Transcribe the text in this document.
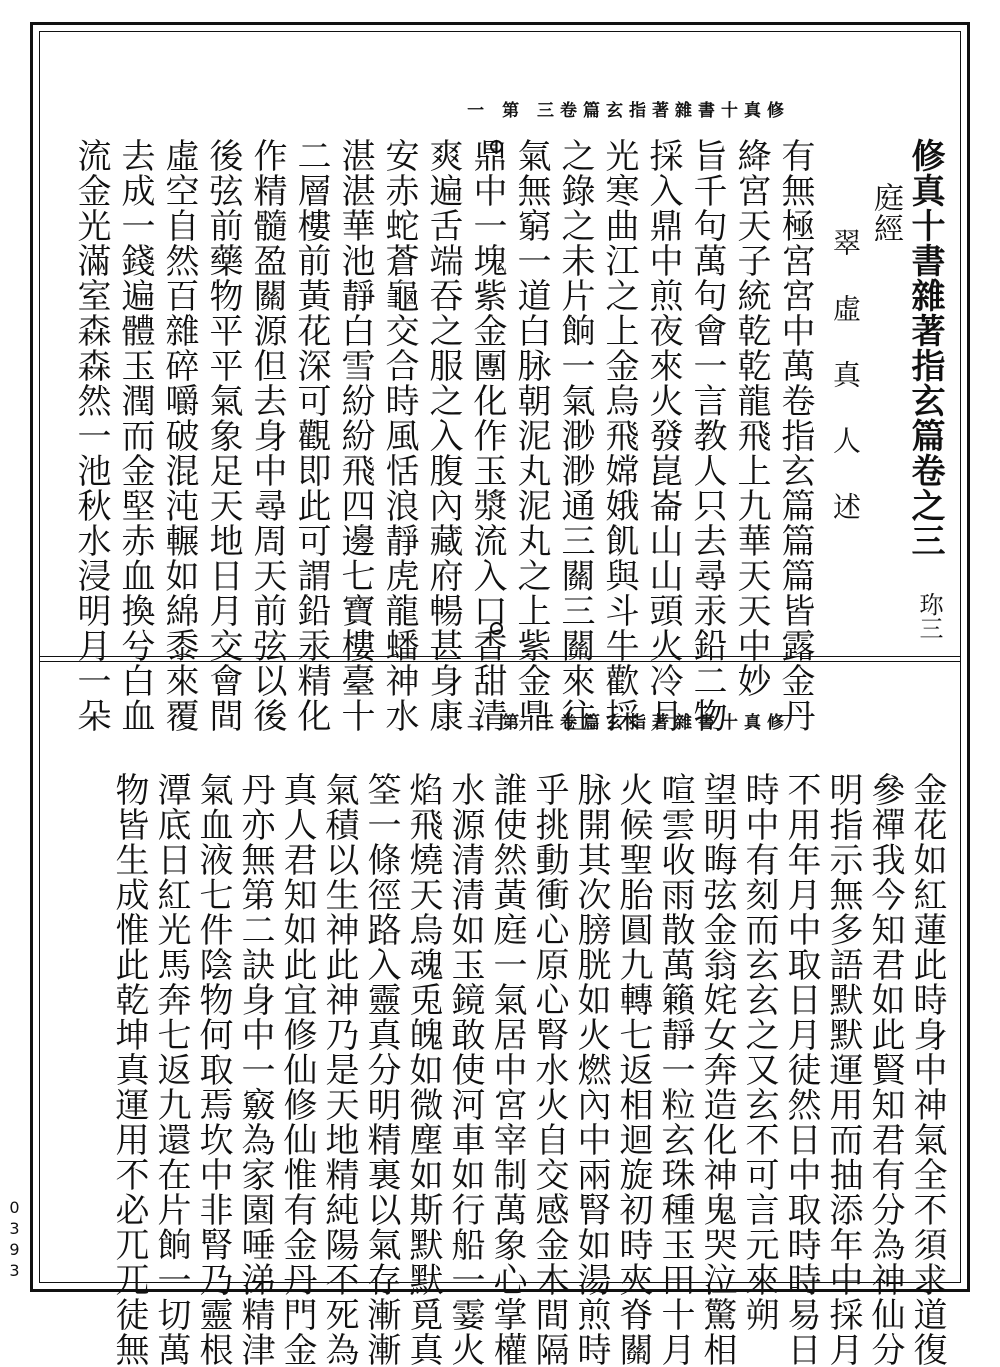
0393
修真十書雜著指玄篇卷三 第 一
修真十書雜著指玄篇卷之三
珎三
庭經
翠虛真人述
有無極宮宮中萬卷指玄篇篇篇皆露金丹
絳宮天子統乾乾龍飛上九華天天中妙
旨千句萬句會一言教人只去尋汞鉛二物
採入鼎中煎夜來火發崑崙山山頭火冷月
光寒曲江之上金烏飛嫦娥飢與斗牛歡採
之錄之未片餉一氣渺渺通三關三關來往
氣無窮一道白脉朝泥丸泥丸之上紫金鼎
鼎中一塊紫金團化作玉漿流入口香甜清
爽遍舌端吞之服之入腹內藏府暢甚身康
安赤蛇蒼龜交合時風恬浪靜虎龍蟠神水
湛湛華池靜白雪紛紛飛四邊七寶樓臺十
二層樓前黃花深可觀即此可謂鉛汞精化
作精髓盈關源但去身中尋周天前弦以後
後弦前藥物平平氣象足天地日月交會間
虛空自然百雜碎嚼破混沌輾如綿黍來覆
去成一錢遍體玉潤而金堅赤血換兮白血
流金光滿室森森然一池秋水浸明月一朵	修真十書雜著指玄篇卷三 第 二
金花如紅蓮此時身中神氣全不須求道復
參禪我今知君如此賢知君有分為神仙分
明指示無多語默默運用而抽添年中採月
不用年月中取日月徒然日中取時時易日
時中有刻而玄玄之又玄不可言元來朔
望明晦弦金翁姹女奔造化神鬼哭泣驚相
喧雲收雨散萬籟靜一粒玄珠種玉田十月
火候聖胎圓九轉七返相迴旋初時夾脊關
脉開其次膀胱如火燃內中兩腎如湯煎時
乎挑動衝心原心腎水火自交感金木間隔
誰使然黃庭一氣居中宮宰制萬象心掌權
水源清清如玉鏡敢使河車如行船一霎火
焰飛燒天烏魂兎魄如微塵如斯默默覓真
筌一條徑路入靈真分明精裏以氣存漸漸
氣積以生神此神乃是天地精純陽不死為
真人君知如此宜修仙修仙惟有金丹門金
丹亦無第二訣身中一竅為家園唾涕精津
氣血液七件陰物何取焉坎中非腎乃靈根
潭底日紅光馬奔七返九還在片餉一切萬
物皆生成惟此乾坤真運用不必兀兀徒無
